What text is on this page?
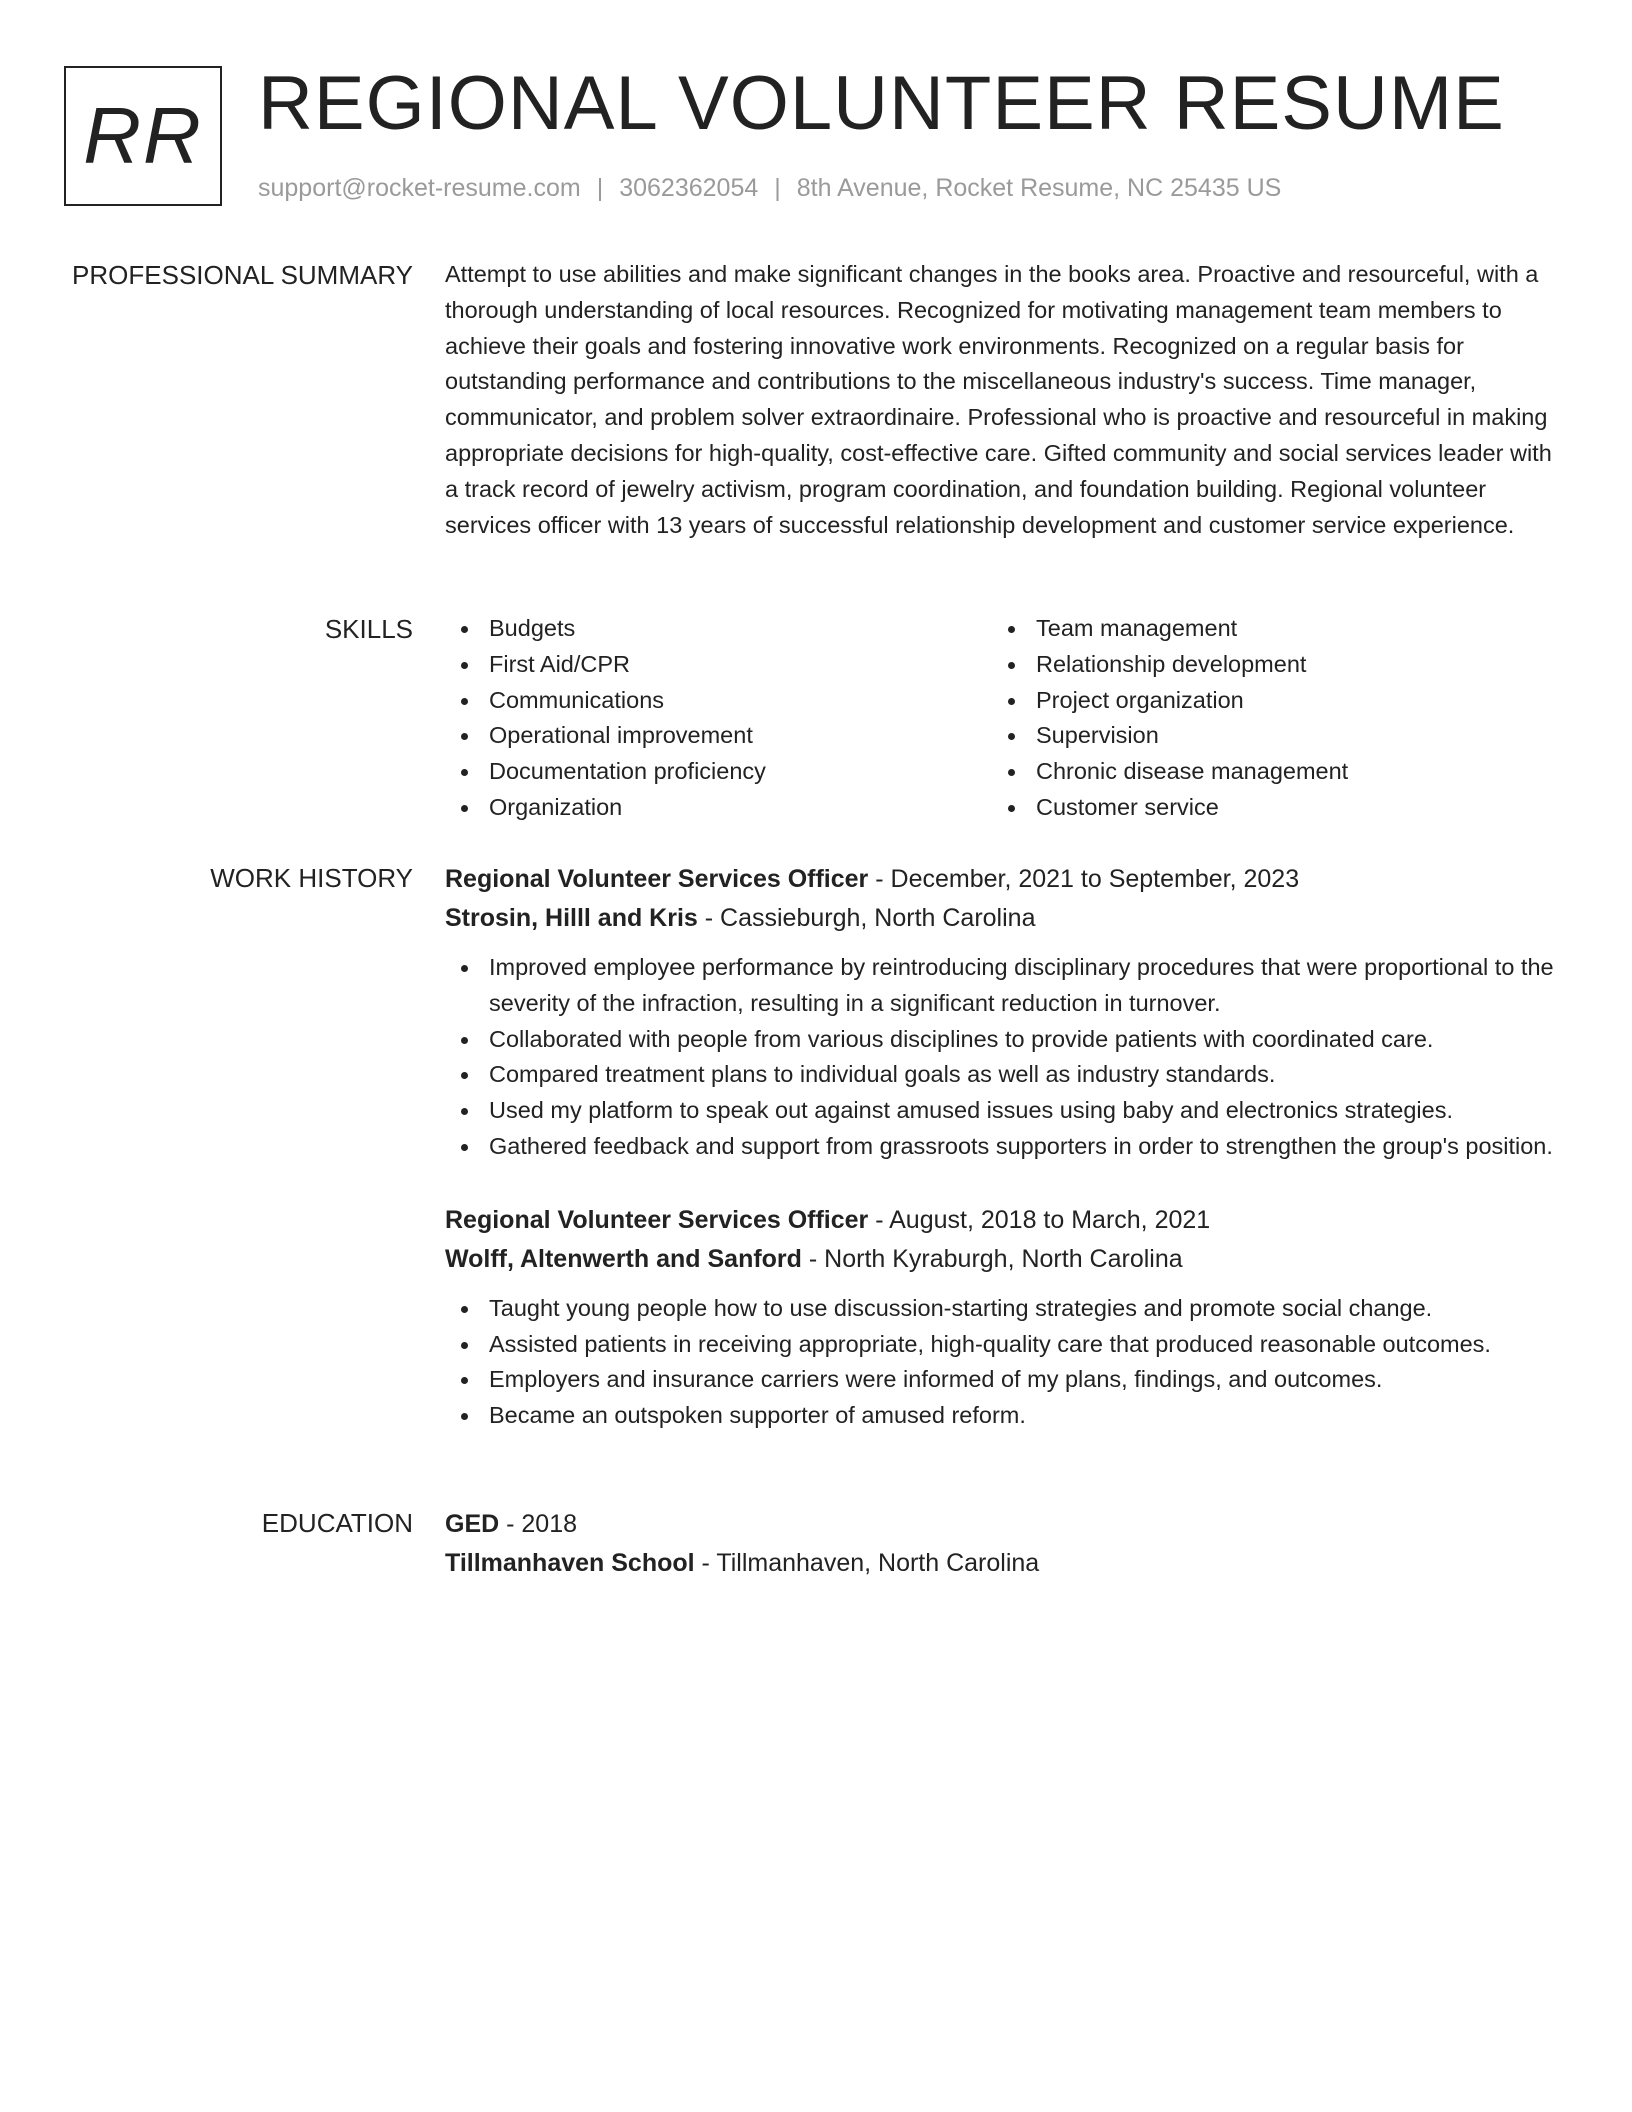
RR REGIONAL VOLUNTEER RESUME
support@rocket-resume.com | 3062362054 | 8th Avenue, Rocket Resume, NC 25435 US
PROFESSIONAL SUMMARY Attempt to use abilities and make significant changes in the books area. Proactive and resourceful, with a thorough understanding of local resources. Recognized for motivating management team members to achieve their goals and fostering innovative work environments. Recognized on a regular basis for outstanding performance and contributions to the miscellaneous industry's success. Time manager, communicator, and problem solver extraordinaire. Professional who is proactive and resourceful in making appropriate decisions for high-quality, cost-effective care. Gifted community and social services leader with a track record of jewelry activism, program coordination, and foundation building. Regional volunteer services officer with 13 years of successful relationship development and customer service experience.

SKILLS	Budgets
First Aid/CPR
Communications
Operational improvement
Documentation proficiency
Organization
Team management
Relationship development
Project organization
Supervision
Chronic disease management
Customer service
WORK HISTORY Regional Volunteer Services Officer - December, 2021 to September, 2023
Strosin, Hilll and Kris - Cassieburgh, North Carolina
Improved employee performance by reintroducing disciplinary procedures that were proportional to the severity of the infraction, resulting in a significant reduction in turnover.
Collaborated with people from various disciplines to provide patients with coordinated care.
Compared treatment plans to individual goals as well as industry standards.
Used my platform to speak out against amused issues using baby and electronics strategies.
Gathered feedback and support from grassroots supporters in order to strengthen the group's position.
Regional Volunteer Services Officer - August, 2018 to March, 2021
Wolff, Altenwerth and Sanford - North Kyraburgh, North Carolina
Taught young people how to use discussion-starting strategies and promote social change.
Assisted patients in receiving appropriate, high-quality care that produced reasonable outcomes.
Employers and insurance carriers were informed of my plans, findings, and outcomes.
Became an outspoken supporter of amused reform.
EDUCATION GED - 2018
Tillmanhaven School - Tillmanhaven, North Carolina
